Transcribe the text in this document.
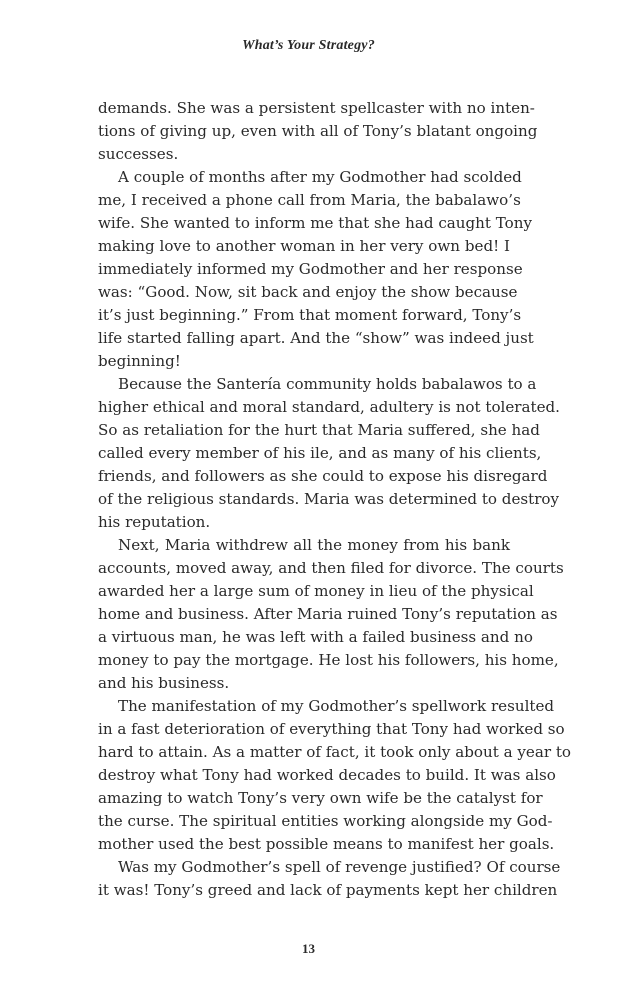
What’s Your Strategy?
demands. She was a persistent spellcaster with no inten-
tions of giving up, even with all of Tony’s blatant ongoing
successes.
A couple of months after my Godmother had scolded
me, I received a phone call from Maria, the babalawo’s
wife. She wanted to inform me that she had caught Tony
making love to another woman in her very own bed! I
immediately informed my Godmother and her response
was: “Good. Now, sit back and enjoy the show because
it’s just beginning.” From that moment forward, Tony’s
life started falling apart. And the “show” was indeed just
beginning!
Because the Santería community holds babalawos to a
higher ethical and moral standard, adultery is not tolerated.
So as retaliation for the hurt that Maria suffered, she had
called every member of his ile, and as many of his clients,
friends, and followers as she could to expose his disregard
of the religious standards. Maria was determined to destroy
his reputation.
Next, Maria withdrew all the money from his bank
accounts, moved away, and then filed for divorce. The courts
awarded her a large sum of money in lieu of the physical
home and business. After Maria ruined Tony’s reputation as
a virtuous man, he was left with a failed business and no
money to pay the mortgage. He lost his followers, his home,
and his business.
The manifestation of my Godmother’s spellwork resulted
in a fast deterioration of everything that Tony had worked so
hard to attain. As a matter of fact, it took only about a year to
destroy what Tony had worked decades to build. It was also
amazing to watch Tony’s very own wife be the catalyst for
the curse. The spiritual entities working alongside my God-
mother used the best possible means to manifest her goals.
Was my Godmother’s spell of revenge justified? Of course
it was! Tony’s greed and lack of payments kept her children
13
